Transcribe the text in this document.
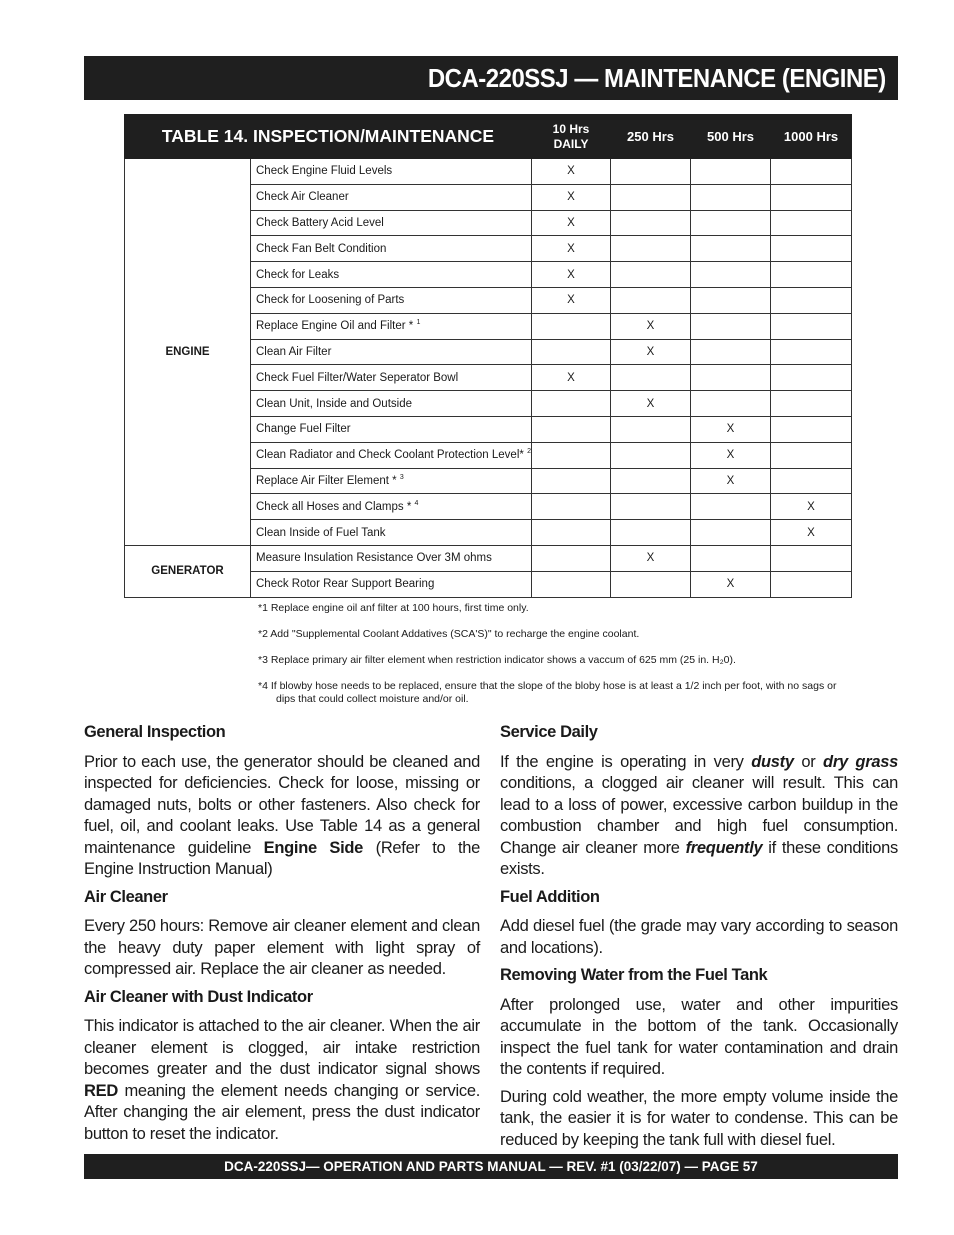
DCA-220SSJ — MAINTENANCE (ENGINE)
TABLE 14. INSPECTION/MAINTENANCE		10 Hrs
DAILY	250 Hrs	500 Hrs	1000 Hrs
ENGINE	Check Engine Fluid Levels	X			
	Check Air Cleaner	X			
	Check Battery Acid Level	X			
	Check Fan Belt Condition	X			
	Check for Leaks	X			
	Check for Loosening of Parts	X			
	Replace Engine Oil and Filter * $^1$		X		
	Clean Air Filter		X		
	Check Fuel Filter/Water Seperator Bowl	X			
	Clean Unit, Inside and Outside		X		
	Change Fuel Filter			X	
	Clean Radiator and Check Coolant Protection Level* $^2$			X	
	Replace Air Filter Element * $^3$			X	
	Check all Hoses and Clamps * $^4$				X
	Clean Inside of Fuel Tank				X
GENERATOR	Measure Insulation Resistance Over 3M ohms		X		
	Check Rotor Rear Support Bearing			X	

*1 Replace engine oil anf filter at 100 hours, first time only.

*2 Add "Supplemental Coolant Addatives (SCA'S)" to recharge the engine coolant.

*3 Replace primary air filter element when restriction indicator shows a vaccum of 625 mm (25 in. H₂0).

*4 If blowby hose needs to be replaced, ensure that the slope of the bloby hose is at least a 1/2 inch per foot, with no sags or dips that could collect moisture and/or oil.

General Inspection

Prior to each use, the generator should be cleaned and inspected for deficiencies. Check for loose, missing or damaged nuts, bolts or other fasteners. Also check for fuel, oil, and coolant leaks. Use Table 14 as a general maintenance guideline Engine Side (Refer to the Engine Instruction Manual)

Air Cleaner

Every 250 hours: Remove air cleaner element and clean the heavy duty paper element with light spray of compressed air. Replace the air cleaner as needed.

Air Cleaner with Dust Indicator

This indicator is attached to the air cleaner. When the air cleaner element is clogged, air intake restriction becomes greater and the dust indicator signal shows RED meaning the element needs changing or service. After changing the air element, press the dust indicator button to reset the indicator.

Service Daily

If the engine is operating in very dusty or dry grass conditions, a clogged air cleaner will result. This can lead to a loss of power, excessive carbon buildup in the combustion chamber and high fuel consumption. Change air cleaner more frequently if these conditions exists.

Fuel Addition

Add diesel fuel (the grade may vary according to season and locations).

Removing Water from the Fuel Tank

After prolonged use, water and other impurities accumulate in the bottom of the tank. Occasionally inspect the fuel tank for water contamination and drain the contents if required.

During cold weather, the more empty volume inside the tank, the easier it is for water to condense. This can be reduced by keeping the tank full with diesel fuel.

DCA-220SSJ— OPERATION AND PARTS MANUAL — REV. #1 (03/22/07) — PAGE 57
